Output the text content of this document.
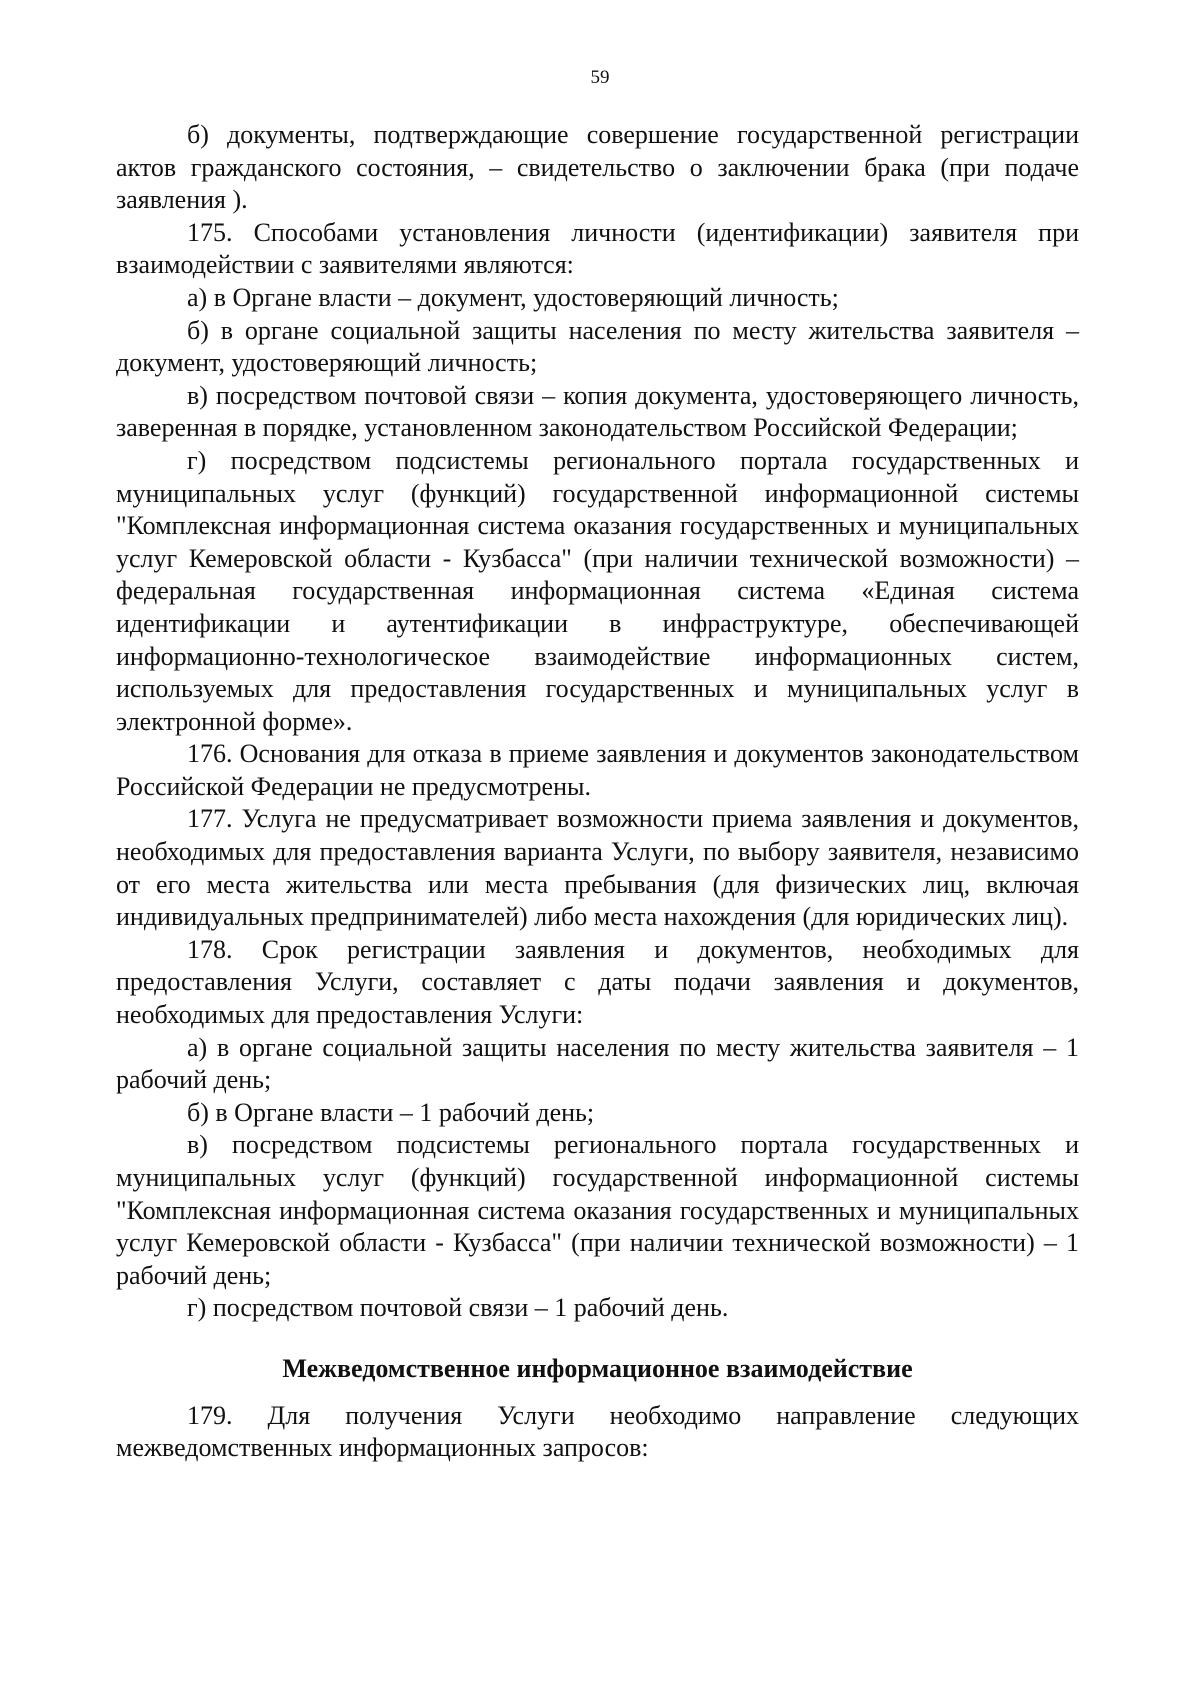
59

б) документы, подтверждающие совершение государственной регистрации актов гражданского состояния, – свидетельство о заключении брака (при подаче заявления ).

175. Способами установления личности (идентификации) заявителя при взаимодействии с заявителями являются:

а) в Органе власти – документ, удостоверяющий личность;

б) в органе социальной защиты населения по месту жительства заявителя – документ, удостоверяющий личность;

в) посредством почтовой связи – копия документа, удостоверяющего личность, заверенная в порядке, установленном законодательством Российской Федерации;

г) посредством подсистемы регионального портала государственных и муниципальных услуг (функций) государственной информационной системы "Комплексная информационная система оказания государственных и муниципальных услуг Кемеровской области - Кузбасса" (при наличии технической возможности) – федеральная государственная информационная система «Единая система идентификации и аутентификации в инфраструктуре, обеспечивающей информационно-технологическое взаимодействие информационных систем, используемых для предоставления государственных и муниципальных услуг в электронной форме».

176. Основания для отказа в приеме заявления и документов законодательством Российской Федерации не предусмотрены.

177. Услуга не предусматривает возможности приема заявления и документов, необходимых для предоставления варианта Услуги, по выбору заявителя, независимо от его места жительства или места пребывания (для физических лиц, включая индивидуальных предпринимателей) либо места нахождения (для юридических лиц).

178. Срок регистрации заявления и документов, необходимых для предоставления Услуги, составляет с даты подачи заявления и документов, необходимых для предоставления Услуги:

а) в органе социальной защиты населения по месту жительства заявителя – 1 рабочий день;

б) в Органе власти – 1 рабочий день;

в) посредством подсистемы регионального портала государственных и муниципальных услуг (функций) государственной информационной системы "Комплексная информационная система оказания государственных и муниципальных услуг Кемеровской области - Кузбасса" (при наличии технической возможности) – 1 рабочий день;

г) посредством почтовой связи – 1 рабочий день.

Межведомственное информационное взаимодействие

179. Для получения Услуги необходимо направление следующих межведомственных информационных запросов:
